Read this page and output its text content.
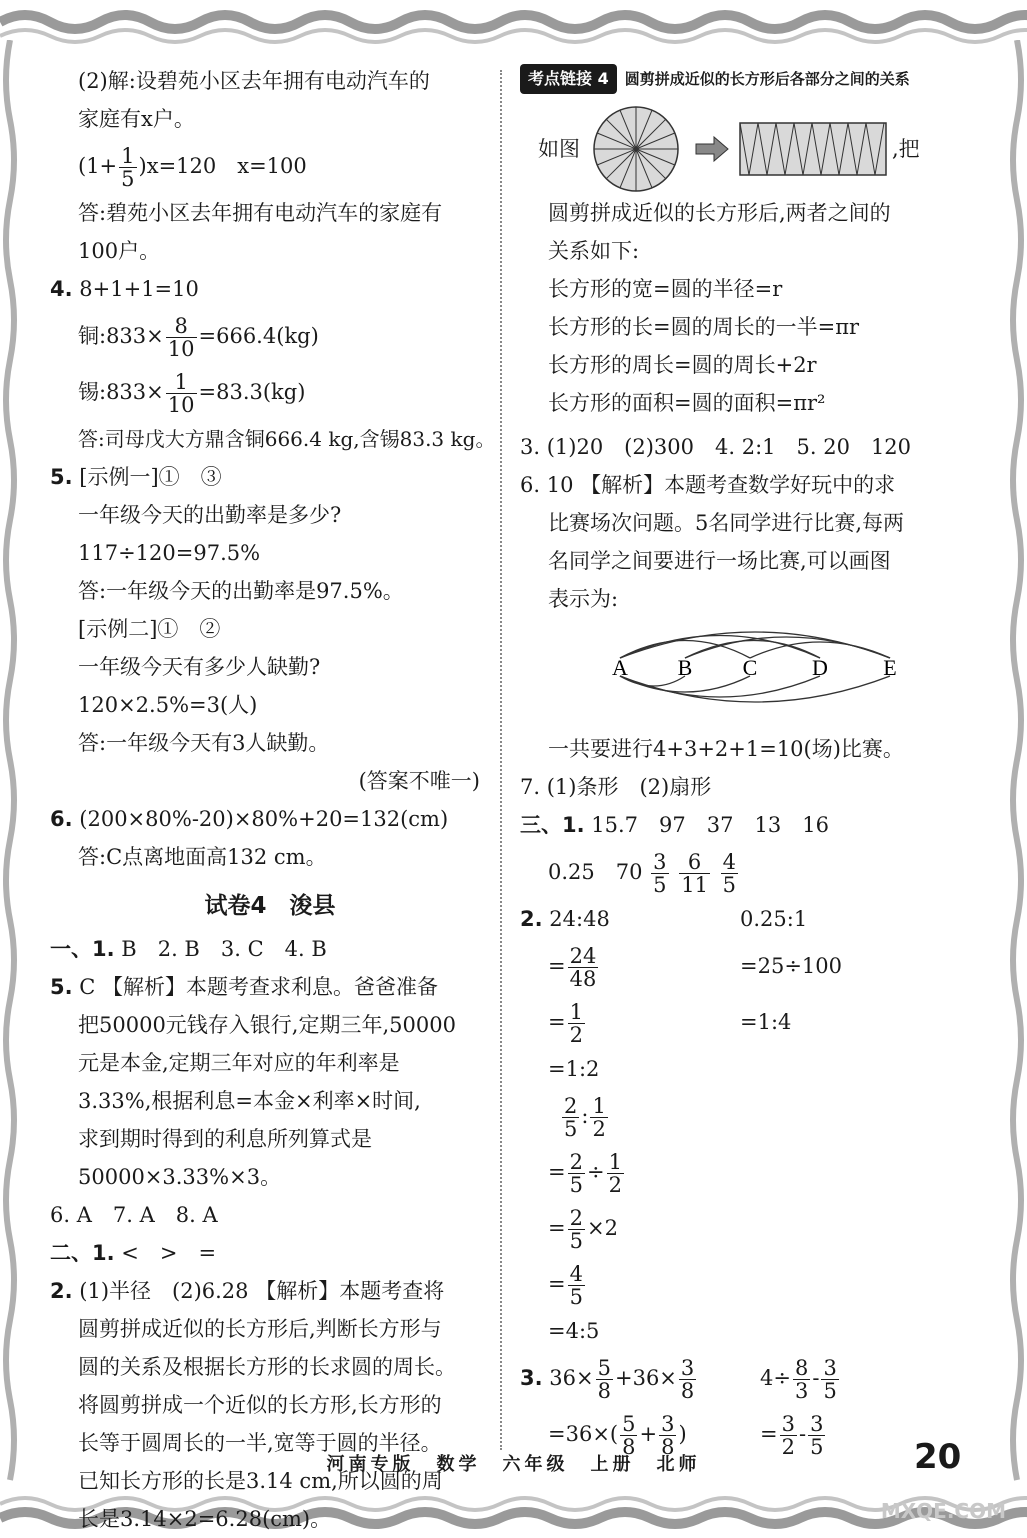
(2)解:设碧苑小区去年拥有电动汽车的
家庭有x户。
$(1+ \frac{1}{5} )x=120$　x=100
答:碧苑小区去年拥有电动汽车的家庭有
100户。
4. 8+1+1=10
铜:833× $\frac{8}{10} =666.4(kg)$
锡:833× $\frac{1}{10} =83.3(kg)$
答:司母戊大方鼎含铜666.4 kg,含锡83.3 kg。
5. [示例一]①　③
一年级今天的出勤率是多少?
117÷120=97.5%
答:一年级今天的出勤率是97.5%。
[示例二]①　②
一年级今天有多少人缺勤?
120×2.5%=3(人)
答:一年级今天有3人缺勤。
(答案不唯一)
6. (200×80%-20)×80%+20=132(cm)
答:C点离地面高132 cm。
试卷4　浚县
一、1. B　2. B　3. C　4. B
5. C 【解析】本题考查求利息。爸爸准备
把50000元钱存入银行,定期三年,50000
元是本金,定期三年对应的年利率是
3.33%,根据利息=本金×利率×时间,
求到期时得到的利息所列算式是
50000×3.33%×3。
6. A　7. A　8. A
二、1. <　>　=
2. (1)半径　(2)6.28 【解析】本题考查将
圆剪拼成近似的长方形后,判断长方形与
圆的关系及根据长方形的长求圆的周长。
将圆剪拼成一个近似的长方形,长方形的
长等于圆周长的一半,宽等于圆的半径。
已知长方形的长是3.14 cm,所以圆的周
长是3.14×2=6.28(cm)。
考点链接 4	圆剪拼成近似的长方形后各部分之间的关系
如图	,把
圆剪拼成近似的长方形后,两者之间的
关系如下:
长方形的宽=圆的半径=r
长方形的长=圆的周长的一半=πr
长方形的周长=圆的周长+2r
长方形的面积=圆的面积=πr²
3. (1)20　(2)300　4. 2:1　5. 20　120
6. 10 【解析】本题考查数学好玩中的求
比赛场次问题。5名同学进行比赛,每两
名同学之间要进行一场比赛,可以画图
表示为:
A B C D	E
一共要进行4+3+2+1=10(场)比赛。
7. (1)条形　(2)扇形
三、1. 15.7　97　37　13　16
0.25　$70 \frac{3}{5}$
$\frac{6}{11}$
$\frac{4}{5}$
2. 24:48	0.25:1
= $\frac{24}{48}$	=25÷100
= $\frac{1}{2}$	=1:4
=1:2
$\frac{2}{5}$ : $\frac{1}{2}$
= $\frac{2}{5} \div \frac{1}{2}$
= $\frac{2}{5} \times 2$
= $\frac{4}{5}$
=4:5
3. $36\times \frac{5}{8} +36\times \frac{3}{8}$	$4\div \frac{8}{3} - \frac{3}{5}$
$=36\times( \frac{5}{8} + \frac{3}{8}$ )	= $\frac{3}{2} - \frac{3}{5}$
河南专版　数学　六年级　上册　北师	20
MXQE.COM
